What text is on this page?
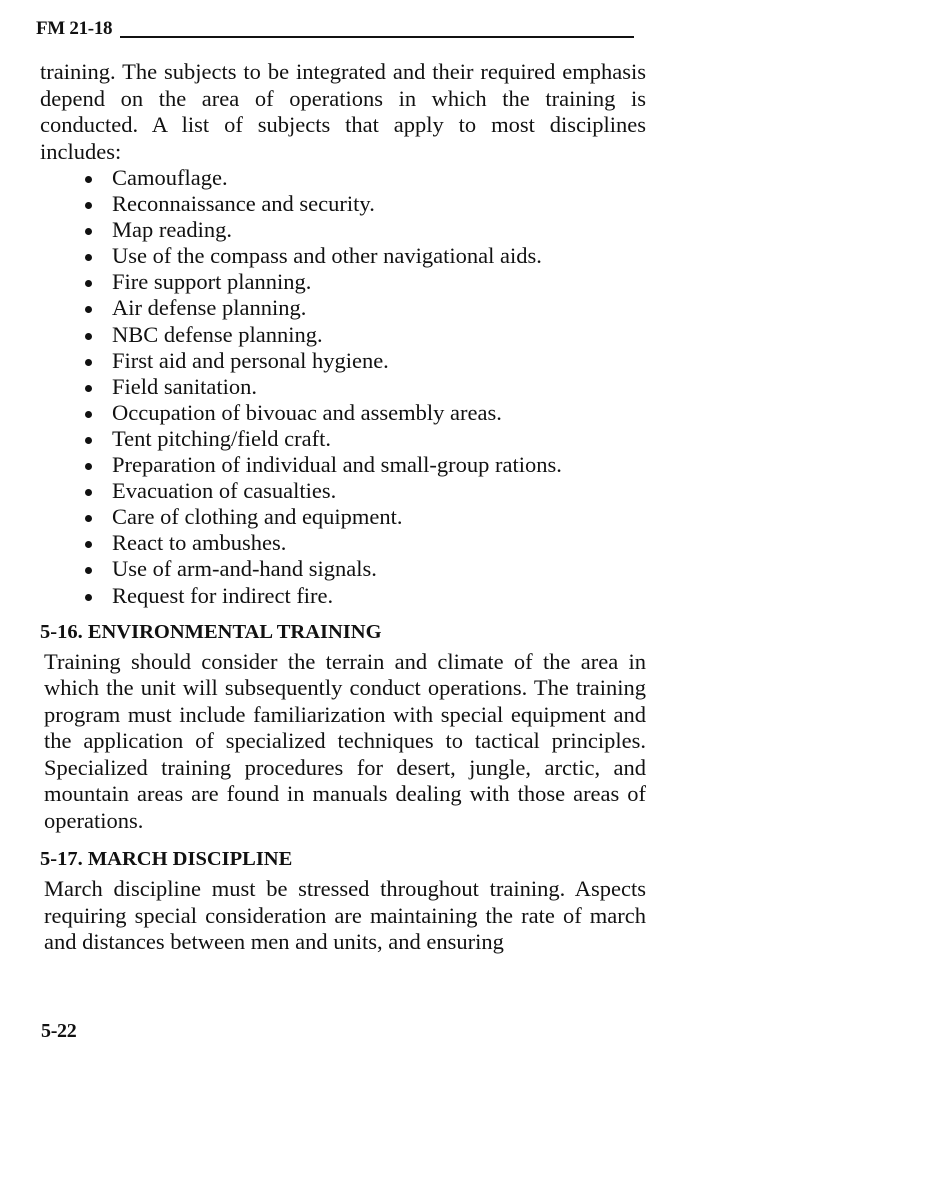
FM 21-18

training. The subjects to be integrated and their required emphasis depend on the area of operations in which the training is conducted. A list of subjects that apply to most disciplines includes:

Camouflage.
Reconnaissance and security.
Map reading.
Use of the compass and other navigational aids.
Fire support planning.
Air defense planning.
NBC defense planning.
First aid and personal hygiene.
Field sanitation.
Occupation of bivouac and assembly areas.
Tent pitching/field craft.
Preparation of individual and small-group rations.
Evacuation of casualties.
Care of clothing and equipment.
React to ambushes.
Use of arm-and-hand signals.
Request for indirect fire.
5-16. ENVIRONMENTAL TRAINING

Training should consider the terrain and climate of the area in which the unit will subsequently conduct operations. The training program must include familiarization with special equipment and the application of specialized techniques to tactical principles. Specialized training procedures for desert, jungle, arctic, and mountain areas are found in manuals dealing with those areas of operations.

5-17. MARCH DISCIPLINE

March discipline must be stressed throughout training. Aspects requiring special consideration are maintaining the rate of march and distances between men and units, and ensuring

5-22
